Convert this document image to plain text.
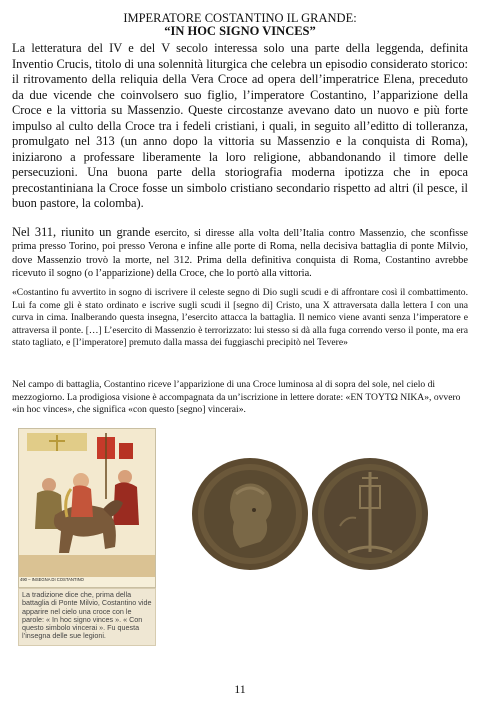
IMPERATORE COSTANTINO IL GRANDE:
“IN HOC SIGNO VINCES”

La letteratura del IV e del V secolo interessa solo una parte della leggenda, definita Inventio Crucis, titolo di una solennità liturgica che celebra un episodio considerato storico: il ritrovamento della reliquia della Vera Croce ad opera dell’imperatrice Elena, preceduto da due vicende che coinvolsero suo figlio, l’imperatore Costantino, l’apparizione della Croce e la vittoria su Massenzio. Queste circostanze avevano dato un nuovo e più forte impulso al culto della Croce tra i fedeli cristiani, i quali, in seguito all’editto di tolleranza, promulgato nel 313 (un anno dopo la vittoria su Massenzio e la conquista di Roma), iniziarono a professare liberamente la loro religione, abbandonando il timore delle persecuzioni. Una buona parte della storiografia moderna ipotizza che in epoca precostantiniana la Croce fosse un simbolo cristiano secondario rispetto ad altri (il pesce, il buon pastore, la colomba).

Nel 311, riunito un grande esercito, si diresse alla volta dell’Italia contro Massenzio, che sconfisse prima presso Torino, poi presso Verona e infine alle porte di Roma, nella decisiva battaglia di ponte Milvio, dove Massenzio trovò la morte, nel 312. Prima della definitiva conquista di Roma, Costantino avrebbe ricevuto il sogno (o l’apparizione) della Croce, che lo portò alla vittoria.

«Costantino fu avvertito in sogno di iscrivere il celeste segno di Dio sugli scudi e di affrontare così il combattimento. Lui fa come gli è stato ordinato e iscrive sugli scudi il [segno di] Cristo, una X attraversata dalla lettera I con una curva in cima. Inalberando questa insegna, l’esercito attacca la battaglia. Il nemico viene avanti senza l’imperatore e attraversa il ponte. […] L’esercito di Massenzio è terrorizzato: lui stesso si dà alla fuga correndo verso il ponte, ma era stato tagliato, e [l’imperatore] premuto dalla massa dei fuggiaschi precipitò nel Tevere»

Nel campo di battaglia, Costantino riceve l’apparizione di una Croce luminosa al di sopra del sole, nel cielo di mezzogiorno. La prodigiosa visione è accompagnata da un’iscrizione in lettere dorate: «EN TOYTΩ NIKA», ovvero «in hoc vinces», che significa «con questo [segno] vincerai».

490 – INSEGNA DI COSTANTINO

La tradizione dice che, prima della battaglia di Ponte Milvio, Costantino vide apparire nel cielo una croce con le parole: « In hoc signo vinces ». « Con questo simbolo vincerai ». Fu questa l’insegna delle sue legioni.

11
